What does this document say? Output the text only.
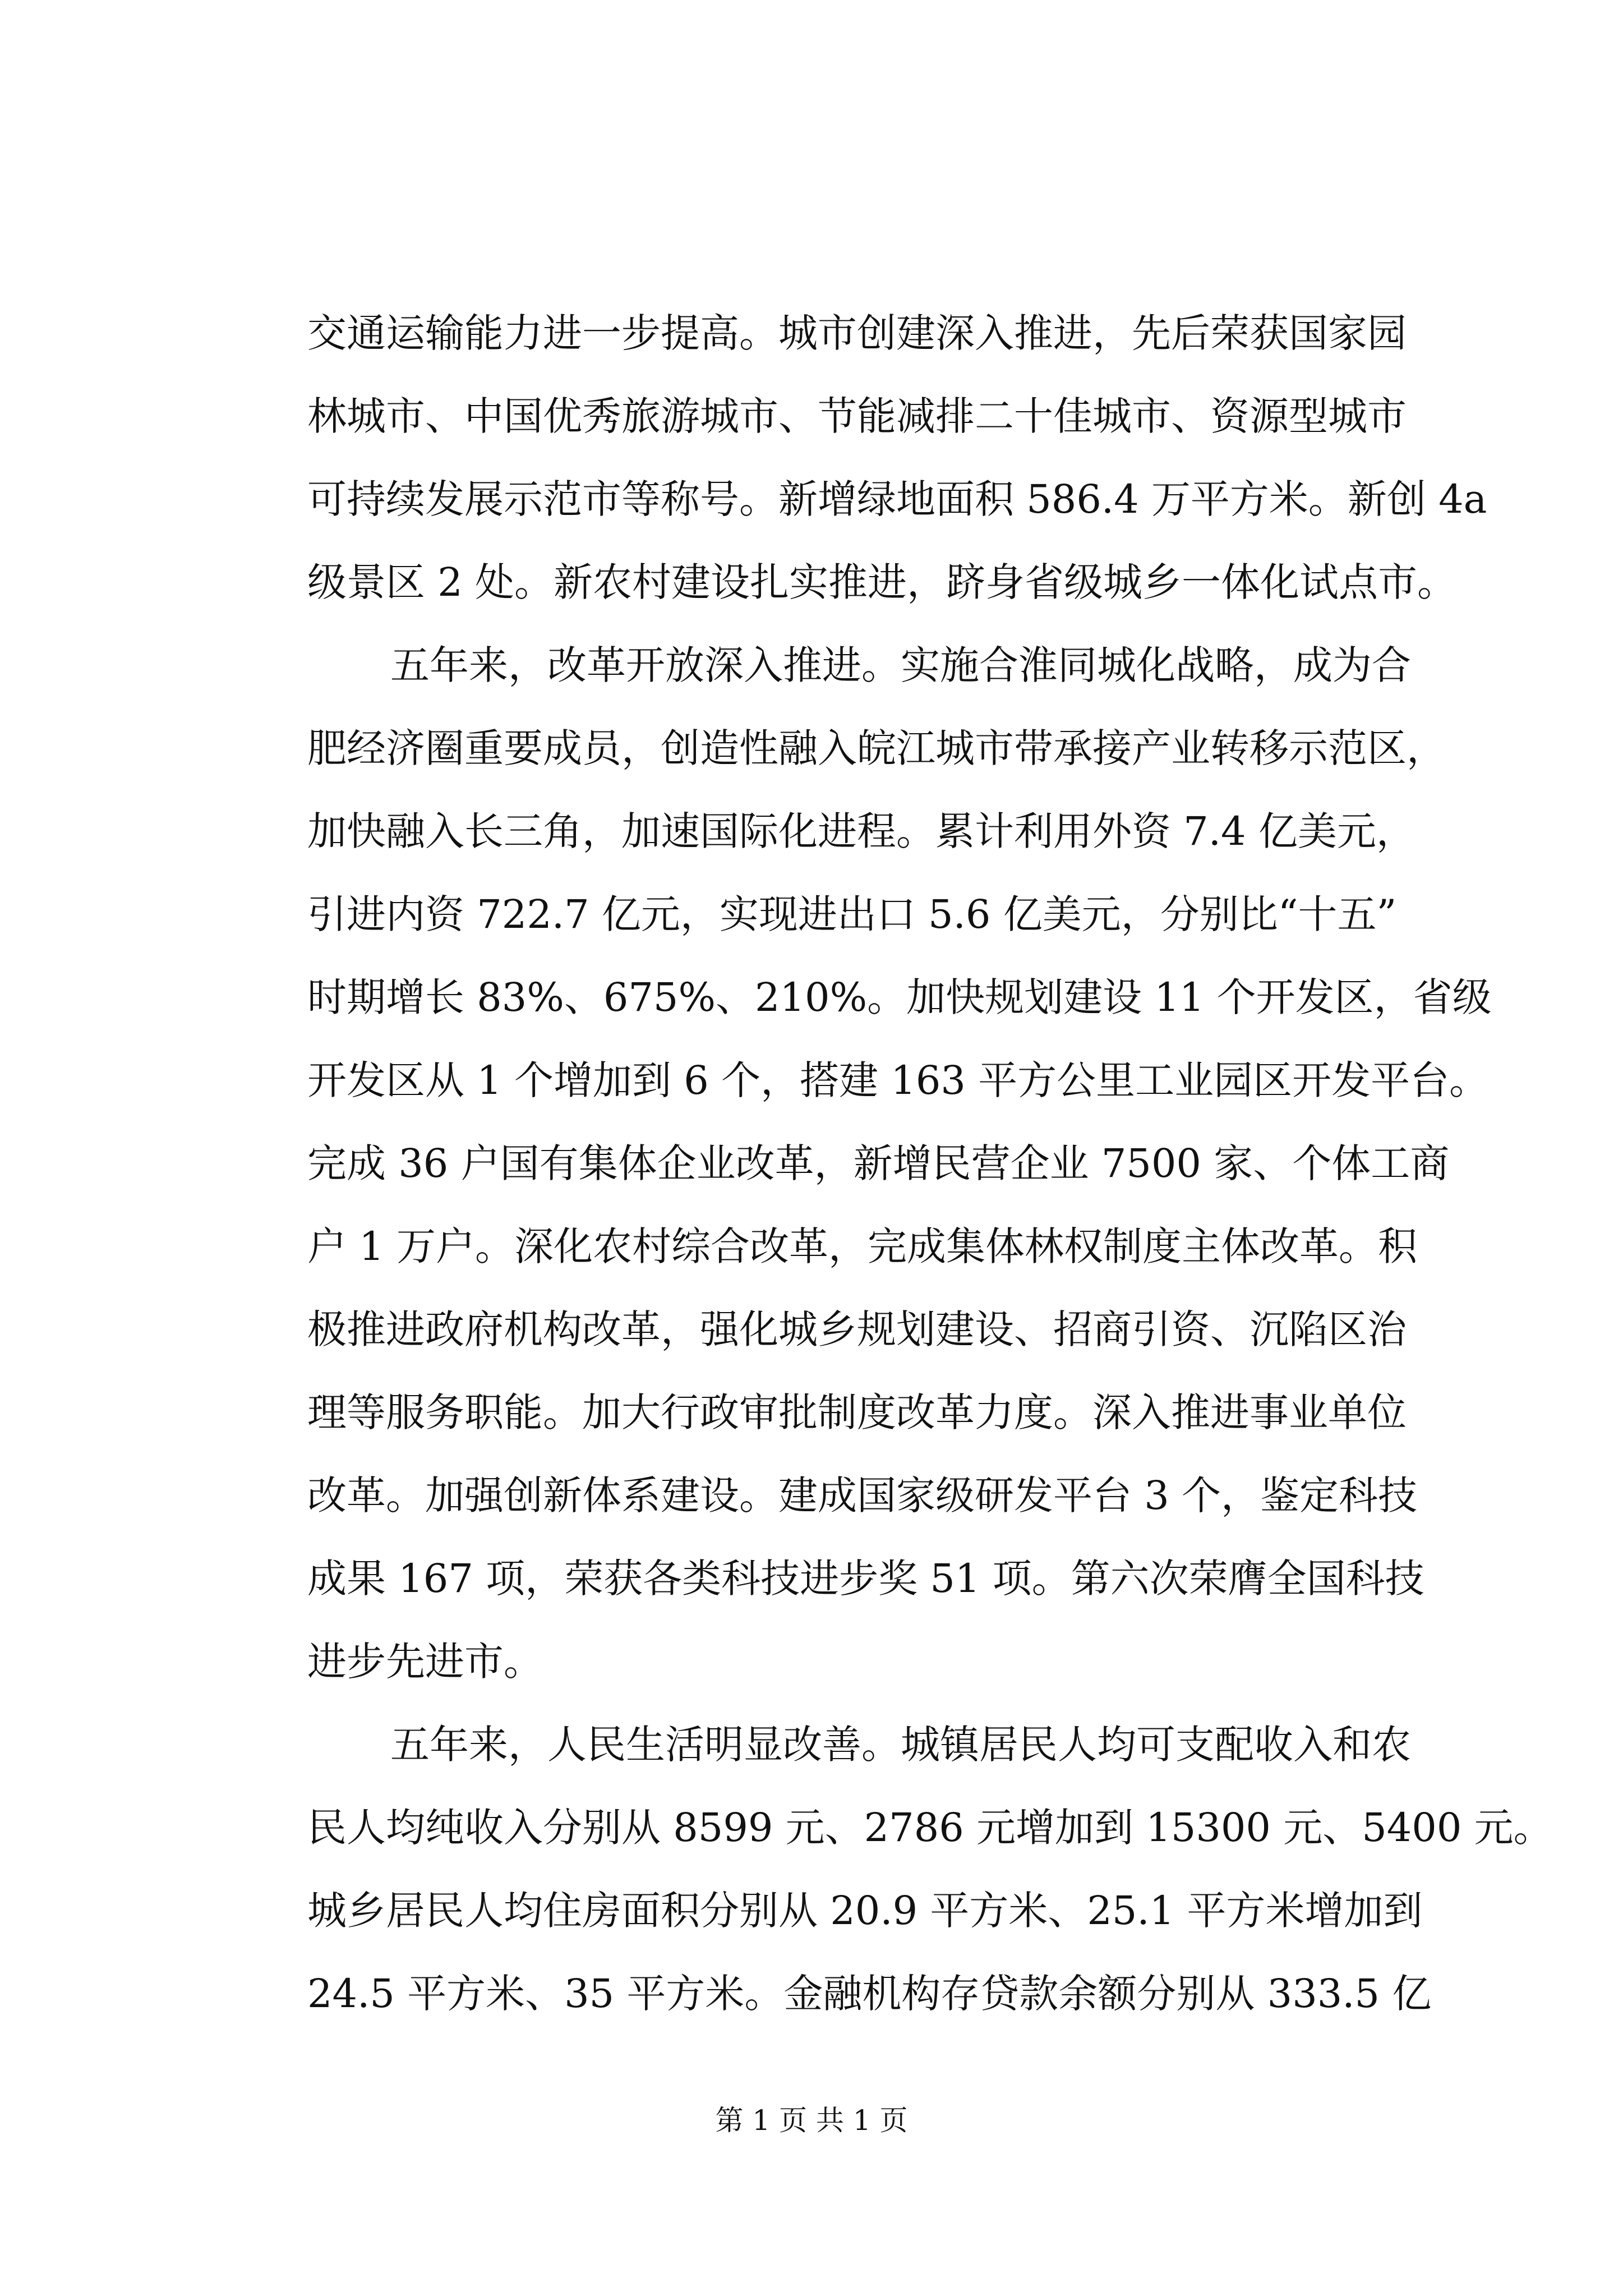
交通运输能力进一步提高。城市创建深入推进，先后荣获国家园
林城市、中国优秀旅游城市、节能减排二十佳城市、资源型城市
可持续发展示范市等称号。新增绿地面积 586.4 万平方米。新创 4a
级景区 2 处。新农村建设扎实推进，跻身省级城乡一体化试点市。
五年来，改革开放深入推进。实施合淮同城化战略，成为合
肥经济圈重要成员，创造性融入皖江城市带承接产业转移示范区，
加快融入长三角，加速国际化进程。累计利用外资 7.4 亿美元，
引进内资 722.7 亿元，实现进出口 5.6 亿美元，分别比“十五”
时期增长 83%、675%、210%。加快规划建设 11 个开发区，省级
开发区从 1 个增加到 6 个，搭建 163 平方公里工业园区开发平台。
完成 36 户国有集体企业改革，新增民营企业 7500 家、个体工商
户 1 万户。深化农村综合改革，完成集体林权制度主体改革。积
极推进政府机构改革，强化城乡规划建设、招商引资、沉陷区治
理等服务职能。加大行政审批制度改革力度。深入推进事业单位
改革。加强创新体系建设。建成国家级研发平台 3 个，鉴定科技
成果 167 项，荣获各类科技进步奖 51 项。第六次荣膺全国科技
进步先进市。
五年来，人民生活明显改善。城镇居民人均可支配收入和农
民人均纯收入分别从 8599 元、2786 元增加到 15300 元、5400 元。
城乡居民人均住房面积分别从 20.9 平方米、25.1 平方米增加到
24.5 平方米、35 平方米。金融机构存贷款余额分别从 333.5 亿
第 1 页 共 1 页
